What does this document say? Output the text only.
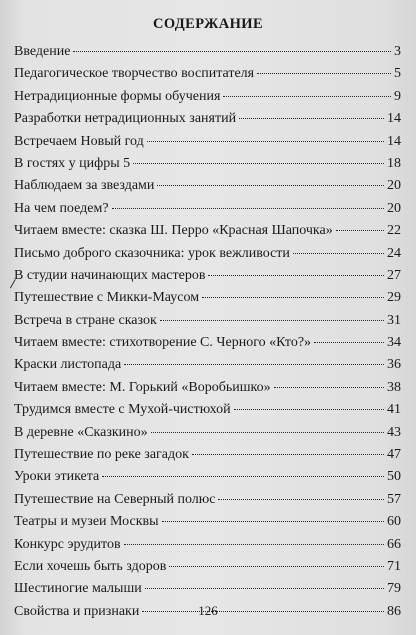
СОДЕРЖАНИЕ
Введение	3
Педагогическое творчество воспитателя	5
Нетрадиционные формы обучения	9
Разработки нетрадиционных занятий	14
Встречаем Новый год	14
В гостях у цифры 5	18
Наблюдаем за звездами	20
На чем поедем?	20
Читаем вместе: сказка Ш. Перро «Красная Шапочка»	22
Письмо доброго сказочника: урок вежливости	24
В студии начинающих мастеров	27
Путешествие с Микки-Маусом	29
Встреча в стране сказок	31
Читаем вместе: стихотворение С. Черного «Кто?»	34
Краски листопада	36
Читаем вместе: М. Горький «Воробьишко»	38
Трудимся вместе с Мухой-чистюхой	41
В деревне «Сказкино»	43
Путешествие по реке загадок	47
Уроки этикета	50
Путешествие на Северный полюс	57
Театры и музеи Москвы	60
Конкурс эрудитов	66
Если хочешь быть здоров	71
Шестиногие малыши	79
Свойства и признаки	86
126
